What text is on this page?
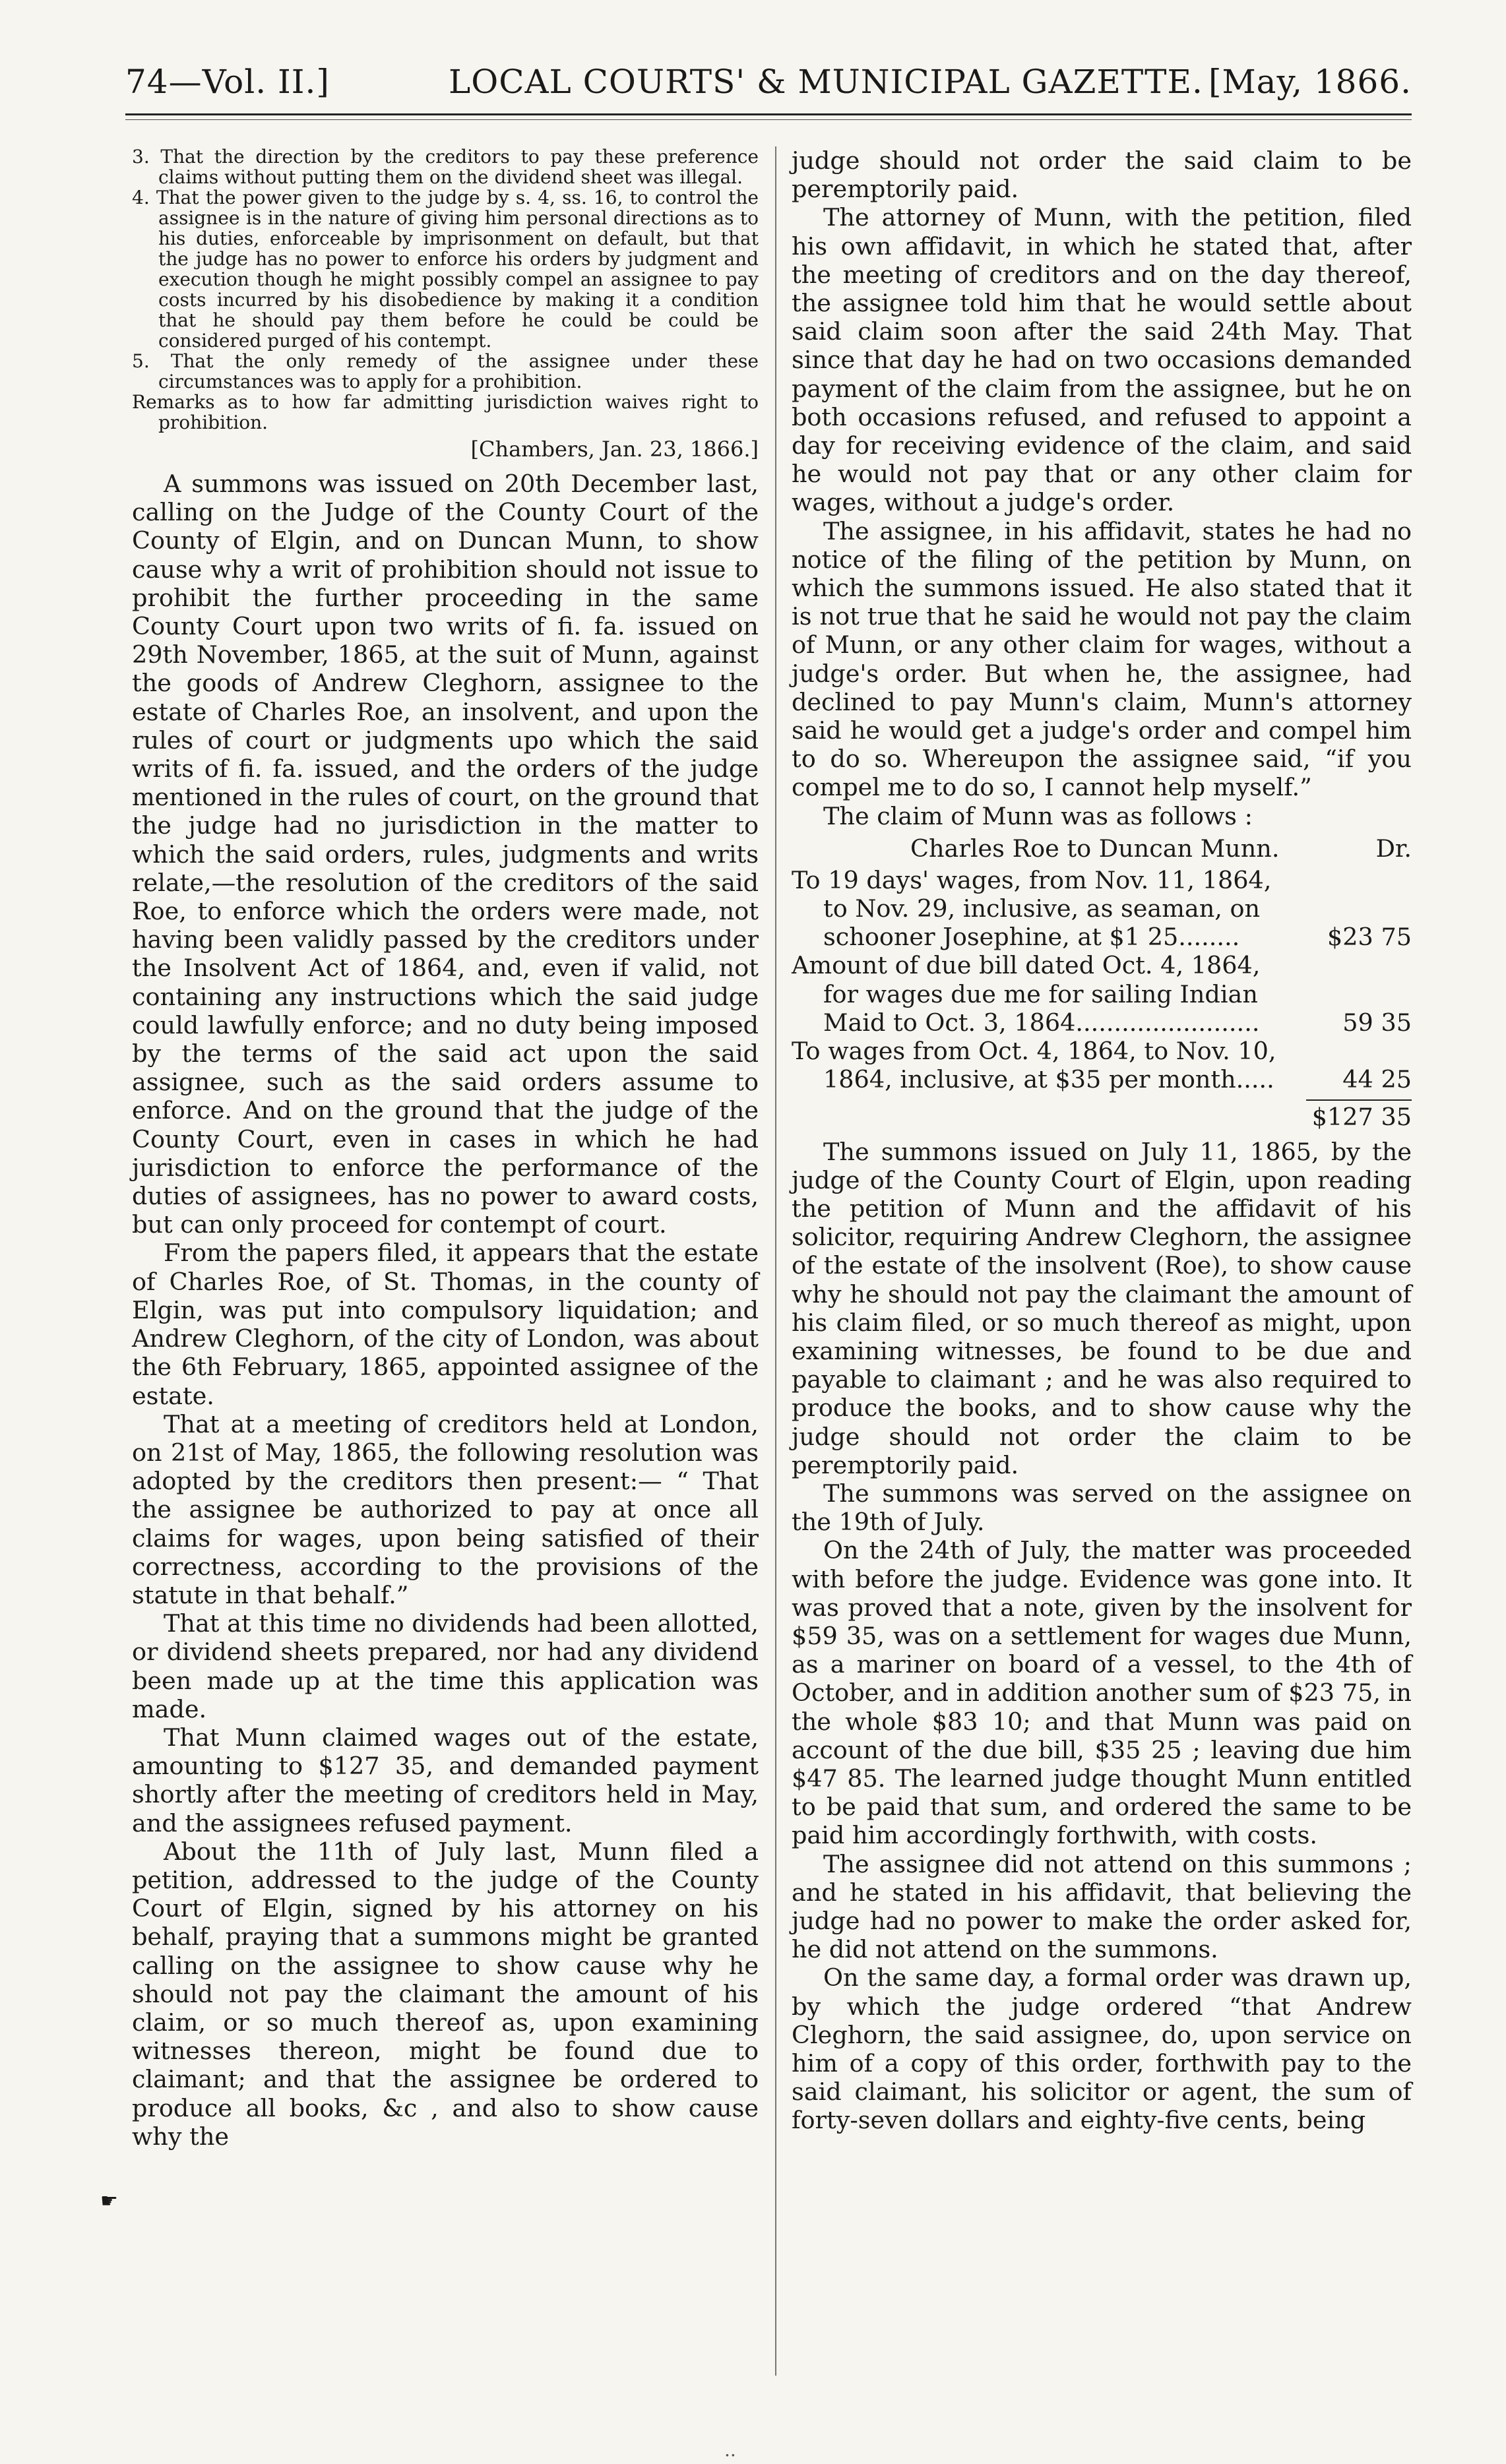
74—Vol. II.]	LOCAL COURTS' & MUNICIPAL GAZETTE. [May, 1866.

3. That the direction by the creditors to pay these preference claims without putting them on the dividend sheet was illegal.

4. That the power given to the judge by s. 4, ss. 16, to control the assignee is in the nature of giving him personal directions as to his duties, enforceable by imprisonment on default, but that the judge has no power to enforce his orders by judgment and execution though he might possibly compel an assignee to pay costs incurred by his disobedience by making it a condition that he should pay them before he could be could be considered purged of his contempt.

5. That the only remedy of the assignee under these circumstances was to apply for a prohibition.

Remarks as to how far admitting jurisdiction waives right to prohibition.

[Chambers, Jan. 23, 1866.]

A summons was issued on 20th December last, calling on the Judge of the County Court of the County of Elgin, and on Duncan Munn, to show cause why a writ of prohibition should not issue to prohibit the further proceeding in the same County Court upon two writs of fi. fa. issued on 29th November, 1865, at the suit of Munn, against the goods of Andrew Cleghorn, assignee to the estate of Charles Roe, an insolvent, and upon the rules of court or judgments upo which the said writs of fi. fa. issued, and the orders of the judge mentioned in the rules of court, on the ground that the judge had no jurisdiction in the matter to which the said orders, rules, judgments and writs relate,—the resolution of the creditors of the said Roe, to enforce which the orders were made, not having been validly passed by the creditors under the Insolvent Act of 1864, and, even if valid, not containing any instructions which the said judge could lawfully enforce; and no duty being imposed by the terms of the said act upon the said assignee, such as the said orders assume to enforce. And on the ground that the judge of the County Court, even in cases in which he had jurisdiction to enforce the performance of the duties of assignees, has no power to award costs, but can only proceed for contempt of court.

From the papers filed, it appears that the estate of Charles Roe, of St. Thomas, in the county of Elgin, was put into compulsory liquidation; and Andrew Cleghorn, of the city of London, was about the 6th February, 1865, appointed assignee of the estate.

That at a meeting of creditors held at London, on 21st of May, 1865, the following resolution was adopted by the creditors then present:— “ That the assignee be authorized to pay at once all claims for wages, upon being satisfied of their correctness, according to the provisions of the statute in that behalf.”

That at this time no dividends had been allotted, or dividend sheets prepared, nor had any dividend been made up at the time this application was made.

That Munn claimed wages out of the estate, amounting to $127 35, and demanded payment shortly after the meeting of creditors held in May, and the assignees refused payment.

About the 11th of July last, Munn filed a petition, addressed to the judge of the County Court of Elgin, signed by his attorney on his behalf, praying that a summons might be granted calling on the assignee to show cause why he should not pay the claimant the amount of his claim, or so much thereof as, upon examining witnesses thereon, might be found due to claimant; and that the assignee be ordered to produce all books, &c , and also to show cause why the

☛

judge should not order the said claim to be peremptorily paid.

The attorney of Munn, with the petition, filed his own affidavit, in which he stated that, after the meeting of creditors and on the day thereof, the assignee told him that he would settle about said claim soon after the said 24th May. That since that day he had on two occasions demanded payment of the claim from the assignee, but he on both occasions refused, and refused to appoint a day for receiving evidence of the claim, and said he would not pay that or any other claim for wages, without a judge's order.

The assignee, in his affidavit, states he had no notice of the filing of the petition by Munn, on which the summons issued. He also stated that it is not true that he said he would not pay the claim of Munn, or any other claim for wages, without a judge's order. But when he, the assignee, had declined to pay Munn's claim, Munn's attorney said he would get a judge's order and compel him to do so. Whereupon the assignee said, “if you compel me to do so, I cannot help myself.”

The claim of Munn was as follows :

Charles Roe to Duncan Munn.	Dr.
To 19 days' wages, from Nov. 11, 1864, to Nov. 29, inclusive, as seaman, on schooner Josephine, at $1 25........	$23 75
Amount of due bill dated Oct. 4, 1864, for wages due me for sailing Indian Maid to Oct. 3, 1864........................	59 35
To wages from Oct. 4, 1864, to Nov. 10, 1864, inclusive, at $35 per month.....	44 25
$127 35

The summons issued on July 11, 1865, by the judge of the County Court of Elgin, upon reading the petition of Munn and the affidavit of his solicitor, requiring Andrew Cleghorn, the assignee of the estate of the insolvent (Roe), to show cause why he should not pay the claimant the amount of his claim filed, or so much thereof as might, upon examining witnesses, be found to be due and payable to claimant ; and he was also required to produce the books, and to show cause why the judge should not order the claim to be peremptorily paid.

The summons was served on the assignee on the 19th of July.

On the 24th of July, the matter was proceeded with before the judge. Evidence was gone into. It was proved that a note, given by the insolvent for $59 35, was on a settlement for wages due Munn, as a mariner on board of a vessel, to the 4th of October, and in addition another sum of $23 75, in the whole $83 10; and that Munn was paid on account of the due bill, $35 25 ; leaving due him $47 85. The learned judge thought Munn entitled to be paid that sum, and ordered the same to be paid him accordingly forthwith, with costs.

The assignee did not attend on this summons ; and he stated in his affidavit, that believing the judge had no power to make the order asked for, he did not attend on the summons.

On the same day, a formal order was drawn up, by which the judge ordered “that Andrew Cleghorn, the said assignee, do, upon service on him of a copy of this order, forthwith pay to the said claimant, his solicitor or agent, the sum of forty-seven dollars and eighty-five cents, being

..
